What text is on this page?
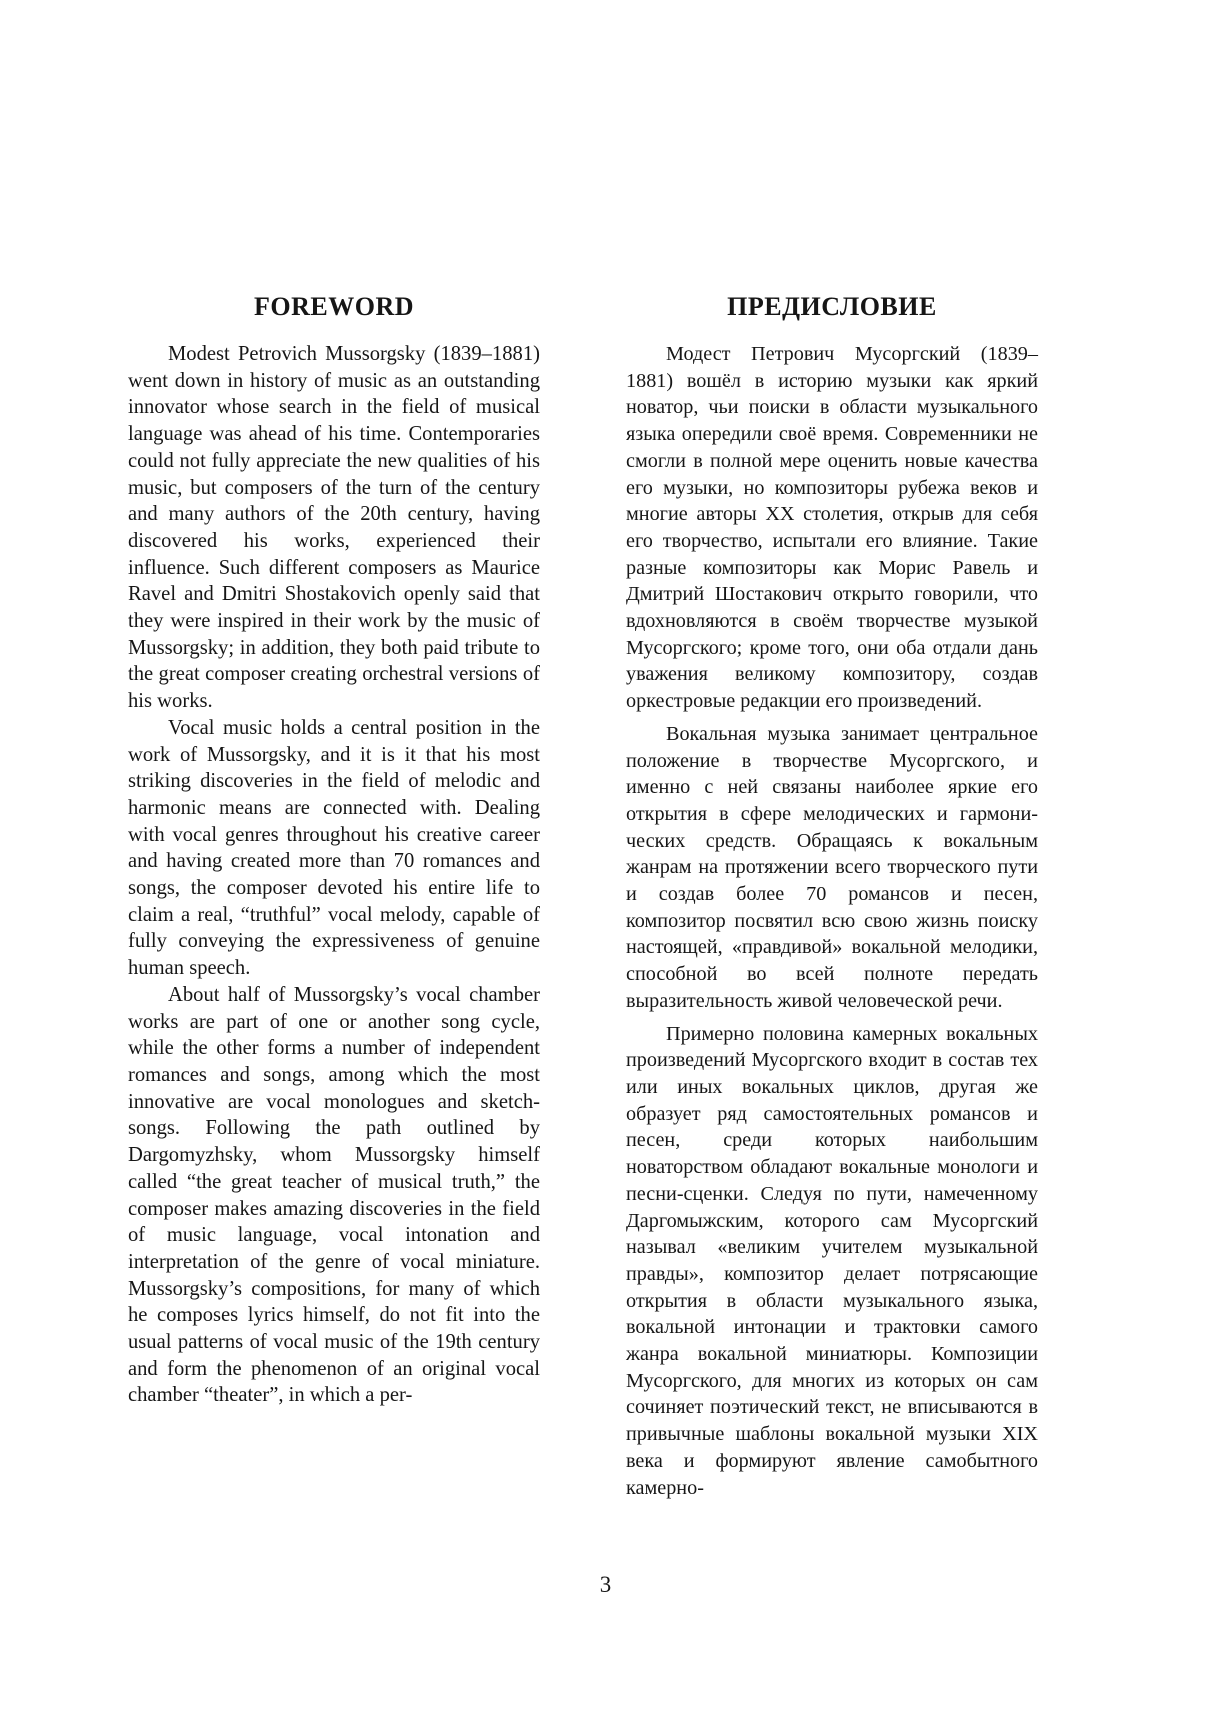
FOREWORD

Modest Petrovich Mussorgsky (1839–1881) went down in history of music as an outstanding innovator whose search in the field of musical language was ahead of his time. Contemporaries could not fully appreciate the new qualities of his music, but composers of the turn of the century and many authors of the 20th century, having discovered his works, experienced their influence. Such different composers as Maurice Ravel and Dmitri Shostakovich openly said that they were inspired in their work by the music of Mussorgsky; in addition, they both paid tribute to the great composer creating orchestral versions of his works.

Vocal music holds a central position in the work of Mussorgsky, and it is it that his most striking discoveries in the field of melodic and harmonic means are connected with. Dealing with vocal genres throughout his creative career and having created more than 70 romances and songs, the composer devoted his entire life to claim a real, “truthful” vocal melody, capable of fully conveying the expressiveness of genuine human speech.

About half of Mussorgsky’s vocal chamber works are part of one or another song cycle, while the other forms a number of independent romances and songs, among which the most innovative are vocal monologues and sketch-songs. Following the path outlined by Dargomyzhsky, whom Mussorgsky himself called “the great teacher of musical truth,” the composer makes amazing discoveries in the field of music language, vocal intonation and interpretation of the genre of vocal miniature. Mussorgsky’s compositions, for many of which he composes lyrics himself, do not fit into the usual patterns of vocal music of the 19th century and form the phenomenon of an original vocal chamber “theater”, in which a per-

ПРЕДИСЛОВИЕ

Модест Петрович Мусоргский (1839–1881) вошёл в историю музыки как яркий новатор, чьи поиски в области музыкального языка опередили своё время. Современники не смогли в полной мере оценить новые качества его музыки, но композиторы рубежа веков и многие авторы XX столетия, открыв для себя его творчество, испытали его влияние. Такие разные композиторы как Морис Равель и Дмитрий Шостакович открыто говорили, что вдохновляются в своём творчестве музыкой Мусоргского; кроме того, они оба отдали дань уважения великому композитору, создав оркестровые редакции его произведений.

Вокальная музыка занимает центральное положение в творчестве Мусоргского, и именно с ней связаны наиболее яркие его открытия в сфере мелодических и гармонических средств. Обращаясь к вокальным жанрам на протяжении всего творческого пути и создав более 70 романсов и песен, композитор посвятил всю свою жизнь поиску настоящей, «правдивой» вокальной мелодики, способной во всей полноте передать выразительность живой человеческой речи.

Примерно половина камерных вокальных произведений Мусоргского входит в состав тех или иных вокальных циклов, другая же образует ряд самостоятельных романсов и песен, среди которых наибольшим новаторством обладают вокальные монологи и песни-сценки. Следуя по пути, намеченному Даргомыжским, которого сам Мусоргский называл «великим учителем музыкальной правды», композитор делает потрясающие открытия в области музыкального языка, вокальной интонации и трактовки самого жанра вокальной миниатюры. Композиции Мусоргского, для многих из которых он сам сочиняет поэтический текст, не вписываются в привычные шаблоны вокальной музыки XIX века и формируют явление самобытного камерно-

3
